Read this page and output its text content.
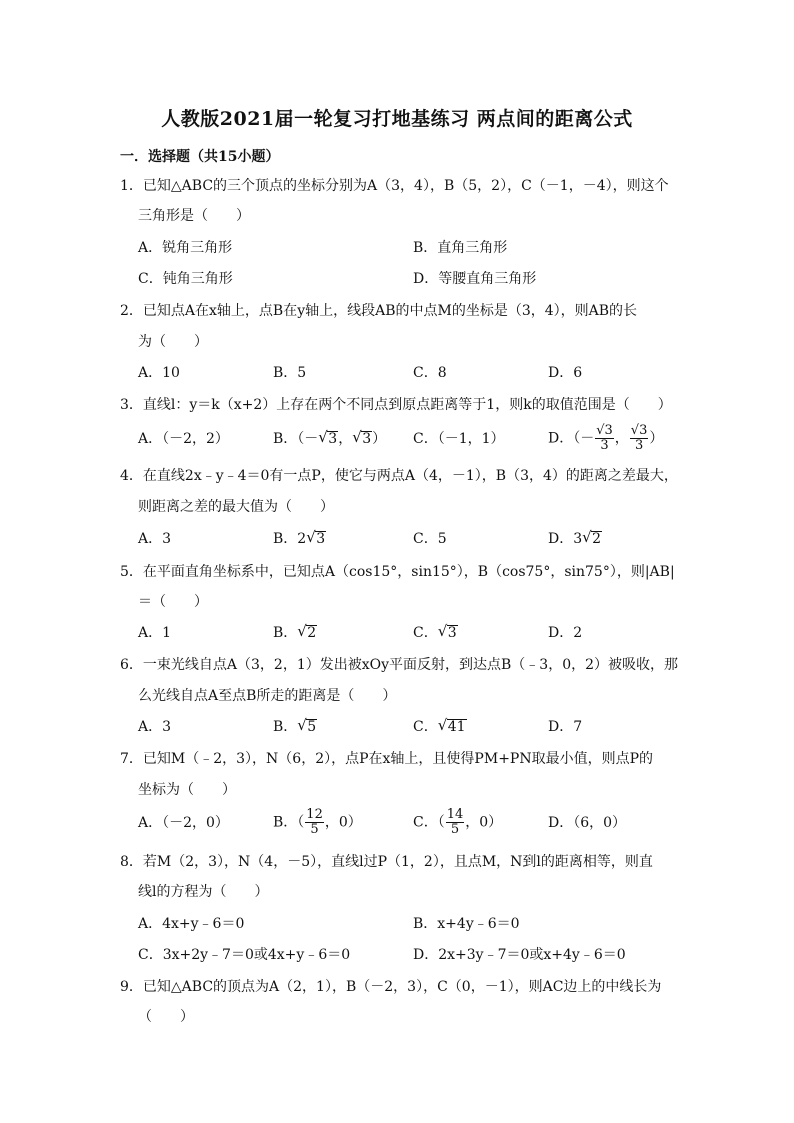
人教版2021届一轮复习打地基练习 两点间的距离公式
一．选择题（共15小题）
1．已知△ABC的三个顶点的坐标分别为A（3，4），B（5，2），C（－1，－4），则这个
三角形是（　　）
A．锐角三角形	B．直角三角形
C．钝角三角形	D．等腰直角三角形
2．已知点A在x轴上，点B在y轴上，线段AB的中点M的坐标是（3，4），则AB的长
为（　　）
A．10	B．5	C．8	D．6
3．直线l：y＝k（x+2）上存在两个不同点到原点距离等于1，则k的取值范围是（　　）
A．（－2，2）	B．（－ √ 3， √ 3） C．（－1，1）	D．（－ $\frac{√3}{3}$ ， $\frac{√3}{3}$ ）
4．在直线2x﹣y﹣4＝0有一点P，使它与两点A（4，－1），B（3，4）的距离之差最大，
则距离之差的最大值为（　　）
A．3	B．2 √ 3	C．5	D．3 √ 2
5．在平面直角坐标系中，已知点A（cos15°，sin15°），B（cos75°，sin75°），则|AB|
＝（　　）
A．1	B． √ 2	C． √ 3	D．2
6．一束光线自点A（3，2，1）发出被xOy平面反射，到达点B（﹣3，0，2）被吸收，那
么光线自点A至点B所走的距离是（　　）
A．3	B． √ 5	C． √ 41	D．7
7．已知M（﹣2，3），N（6，2），点P在x轴上，且使得PM+PN取最小值，则点P的
坐标为（　　）
A．（－2，0）	B．（ $\frac{12}{5}$ ，0）	C．（ $\frac{14}{5}$ ，0）	D．（6，0）
8．若M（2，3），N（4，－5），直线l过P（1，2），且点M，N到l的距离相等，则直
线l的方程为（　　）
A．4x+y﹣6＝0	B．x+4y﹣6＝0
C．3x+2y﹣7＝0或4x+y﹣6＝0	D．2x+3y﹣7＝0或x+4y﹣6＝0
9．已知△ABC的顶点为A（2，1），B（－2，3），C（0，－1），则AC边上的中线长为
（　　）
